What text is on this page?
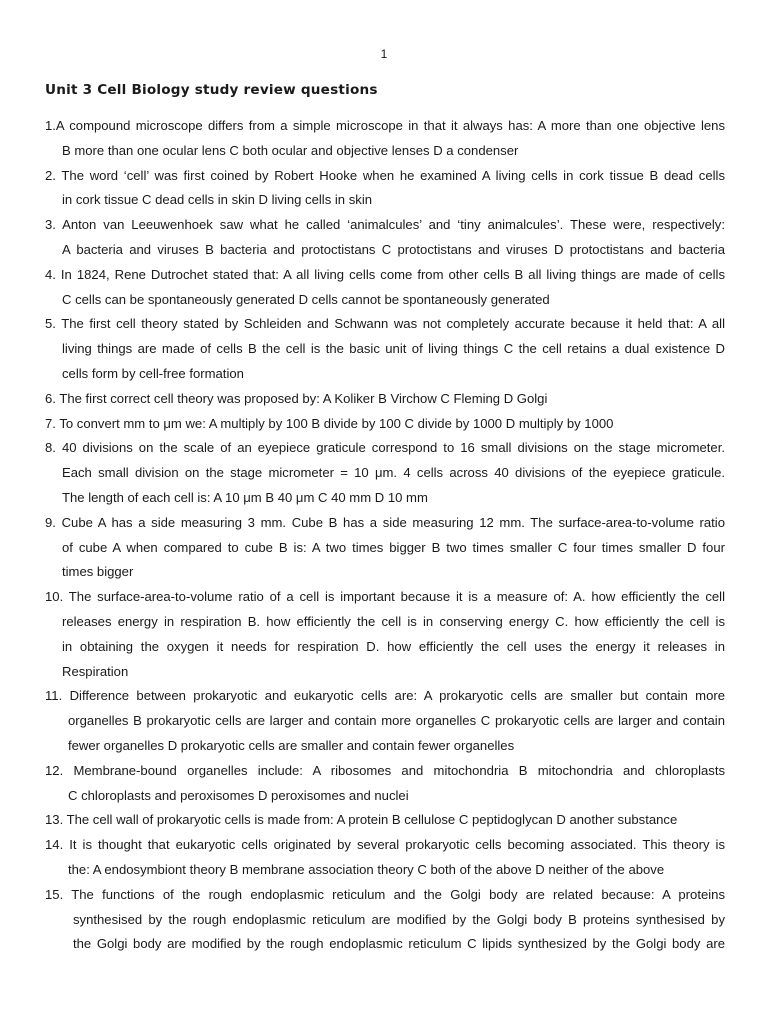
1
Unit 3 Cell Biology study review questions
1.A compound microscope differs from a simple microscope in that it always has: A more than one objective lens
B more than one ocular lens C both ocular and objective lenses D a condenser
2. The word ‘cell’ was first coined by Robert Hooke when he examined A living cells in cork tissue B dead cells
in cork tissue C dead cells in skin D living cells in skin
3. Anton van Leeuwenhoek saw what he called ‘animalcules’ and ‘tiny animalcules’. These were, respectively:
A bacteria and viruses B bacteria and protoctistans C protoctistans and viruses D protoctistans and bacteria
4. In 1824, Rene Dutrochet stated that: A all living cells come from other cells B all living things are made of cells
C cells can be spontaneously generated D cells cannot be spontaneously generated
5. The first cell theory stated by Schleiden and Schwann was not completely accurate because it held that: A all
living things are made of cells B the cell is the basic unit of living things C the cell retains a dual existence D
cells form by cell-free formation
6. The first correct cell theory was proposed by: A Koliker B Virchow C Fleming D Golgi
7. To convert mm to μm we: A multiply by 100 B divide by 100 C divide by 1000 D multiply by 1000
8. 40 divisions on the scale of an eyepiece graticule correspond to 16 small divisions on the stage micrometer.
Each small division on the stage micrometer = 10 μm. 4 cells across 40 divisions of the eyepiece graticule.
The length of each cell is: A 10 μm B 40 μm C 40 mm D 10 mm
9. Cube A has a side measuring 3 mm. Cube B has a side measuring 12 mm. The surface-area-to-volume ratio
of cube A when compared to cube B is: A two times bigger B two times smaller C four times smaller D four
times bigger
10. The surface-area-to-volume ratio of a cell is important because it is a measure of: A. how efficiently the cell
releases energy in respiration B. how efficiently the cell is in conserving energy C. how efficiently the cell is
in obtaining the oxygen it needs for respiration D. how efficiently the cell uses the energy it releases in
Respiration
11. Difference between prokaryotic and eukaryotic cells are: A prokaryotic cells are smaller but contain more
organelles B prokaryotic cells are larger and contain more organelles C prokaryotic cells are larger and contain
fewer organelles D prokaryotic cells are smaller and contain fewer organelles
12. Membrane-bound organelles include: A ribosomes and mitochondria B mitochondria and chloroplasts
C chloroplasts and peroxisomes D peroxisomes and nuclei
13. The cell wall of prokaryotic cells is made from: A protein B cellulose C peptidoglycan D another substance
14. It is thought that eukaryotic cells originated by several prokaryotic cells becoming associated. This theory is
the: A endosymbiont theory B membrane association theory C both of the above D neither of the above
15. The functions of the rough endoplasmic reticulum and the Golgi body are related because: A proteins
synthesised by the rough endoplasmic reticulum are modified by the Golgi body B proteins synthesised by
the Golgi body are modified by the rough endoplasmic reticulum C lipids synthesized by the Golgi body are
